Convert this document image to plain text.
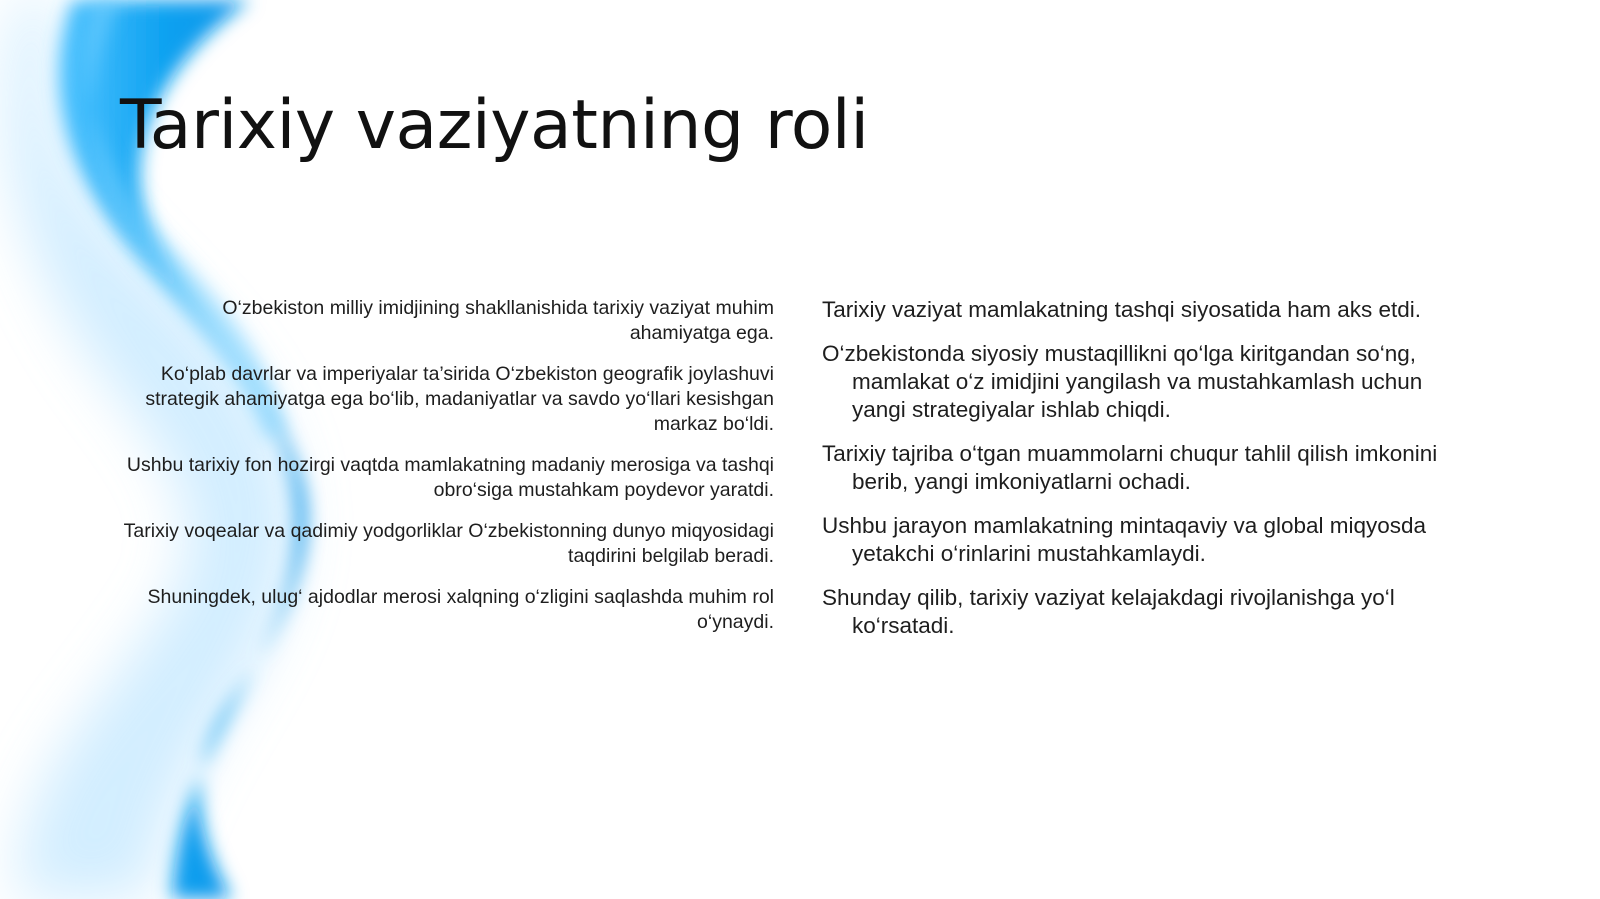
Tarixiy vaziyatning roli

O‘zbekiston milliy imidjining shakllanishida tarixiy vaziyat muhim ahamiyatga ega.

Ko‘plab davrlar va imperiyalar ta’sirida O‘zbekiston geografik joylashuvi strategik ahamiyatga ega bo‘lib, madaniyatlar va savdo yo‘llari kesishgan markaz bo‘ldi.

Ushbu tarixiy fon hozirgi vaqtda mamlakatning madaniy merosiga va tashqi obro‘siga mustahkam poydevor yaratdi.

Tarixiy voqealar va qadimiy yodgorliklar O‘zbekistonning dunyo miqyosidagi taqdirini belgilab beradi.

Shuningdek, ulug‘ ajdodlar merosi xalqning o‘zligini saqlashda muhim rol o‘ynaydi.

Tarixiy vaziyat mamlakatning tashqi siyosatida ham aks etdi.

O‘zbekistonda siyosiy mustaqillikni qo‘lga kiritgandan so‘ng, mamlakat o‘z imidjini yangilash va mustahkamlash uchun yangi strategiyalar ishlab chiqdi.

Tarixiy tajriba o‘tgan muammolarni chuqur tahlil qilish imkonini berib, yangi imkoniyatlarni ochadi.

Ushbu jarayon mamlakatning mintaqaviy va global miqyosda yetakchi o‘rinlarini mustahkamlaydi.

Shunday qilib, tarixiy vaziyat kelajakdagi rivojlanishga yo‘l ko‘rsatadi.
